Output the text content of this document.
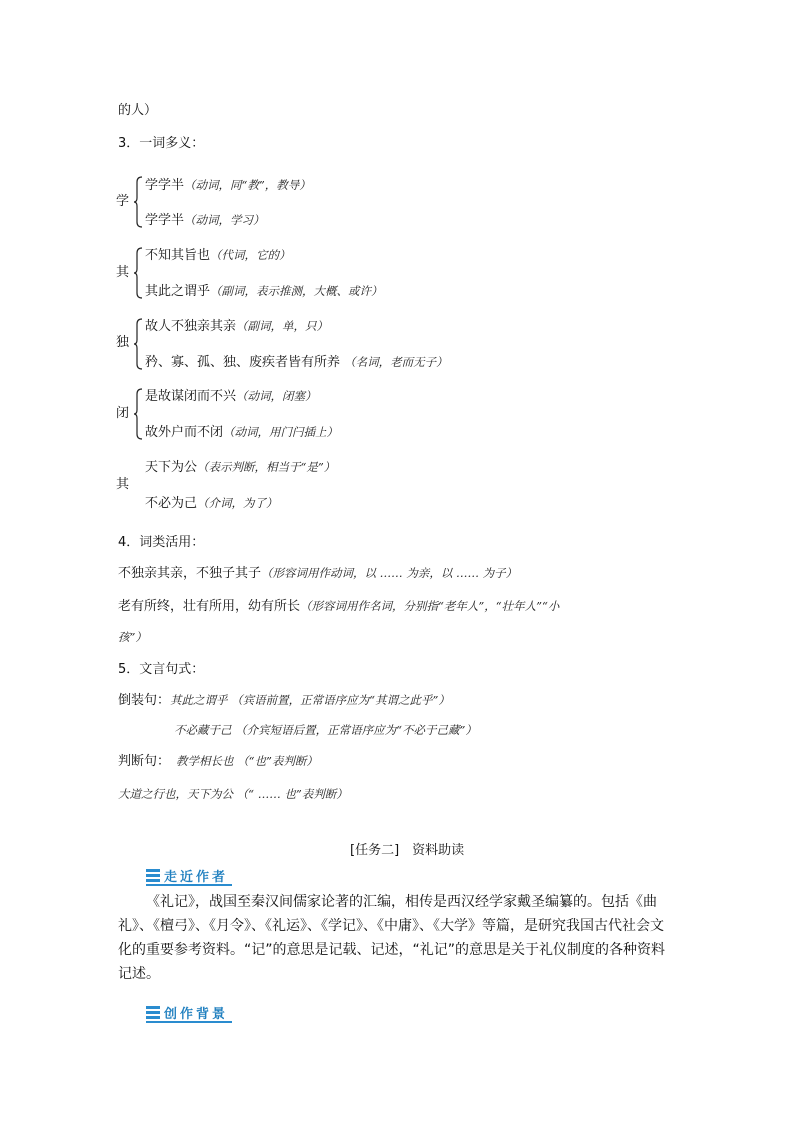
的人）
3．一词多义：
学
学学半（动词，同“教”，教导）
学学半（动词，学习）
其
不知其旨也（代词，它的）
其此之谓乎（副词，表示推测，大概、或许）
独
故人不独亲其亲（副词，单，只）
矜、寡、孤、独、废疾者皆有所养 （名词，老而无子）
闭
是故谋闭而不兴（动词，闭塞）
故外户而不闭（动词，用门闩插上）
其
天下为公（表示判断，相当于“是”）
不必为己（介词，为了）
4．词类活用：
不独亲其亲，不独子其子（形容词用作动词，以 …… 为亲，以 …… 为子）
老有所终，壮有所用，幼有所长（形容词用作名词，分别指“老年人”，“壮年人”“小
孩”）
5．文言句式：
倒装句：其此之谓乎 （宾语前置，正常语序应为“其谓之此乎”）
不必藏于己 （介宾短语后置，正常语序应为“不必于己藏”）
判断句： 教学相长也 （“也”表判断）
大道之行也，天下为公 （“ …… 也”表判断）
[任务二]　资料助读
走近作者
《礼记》，战国至秦汉间儒家论著的汇编，相传是西汉经学家戴圣编纂的。包括《曲礼》、《檀弓》、《月令》、《礼运》、《学记》、《中庸》、《大学》等篇，是研究我国古代社会文化的重要参考资料。“记”的意思是记载、记述，“礼记”的意思是关于礼仪制度的各种资料记述。
创作背景
